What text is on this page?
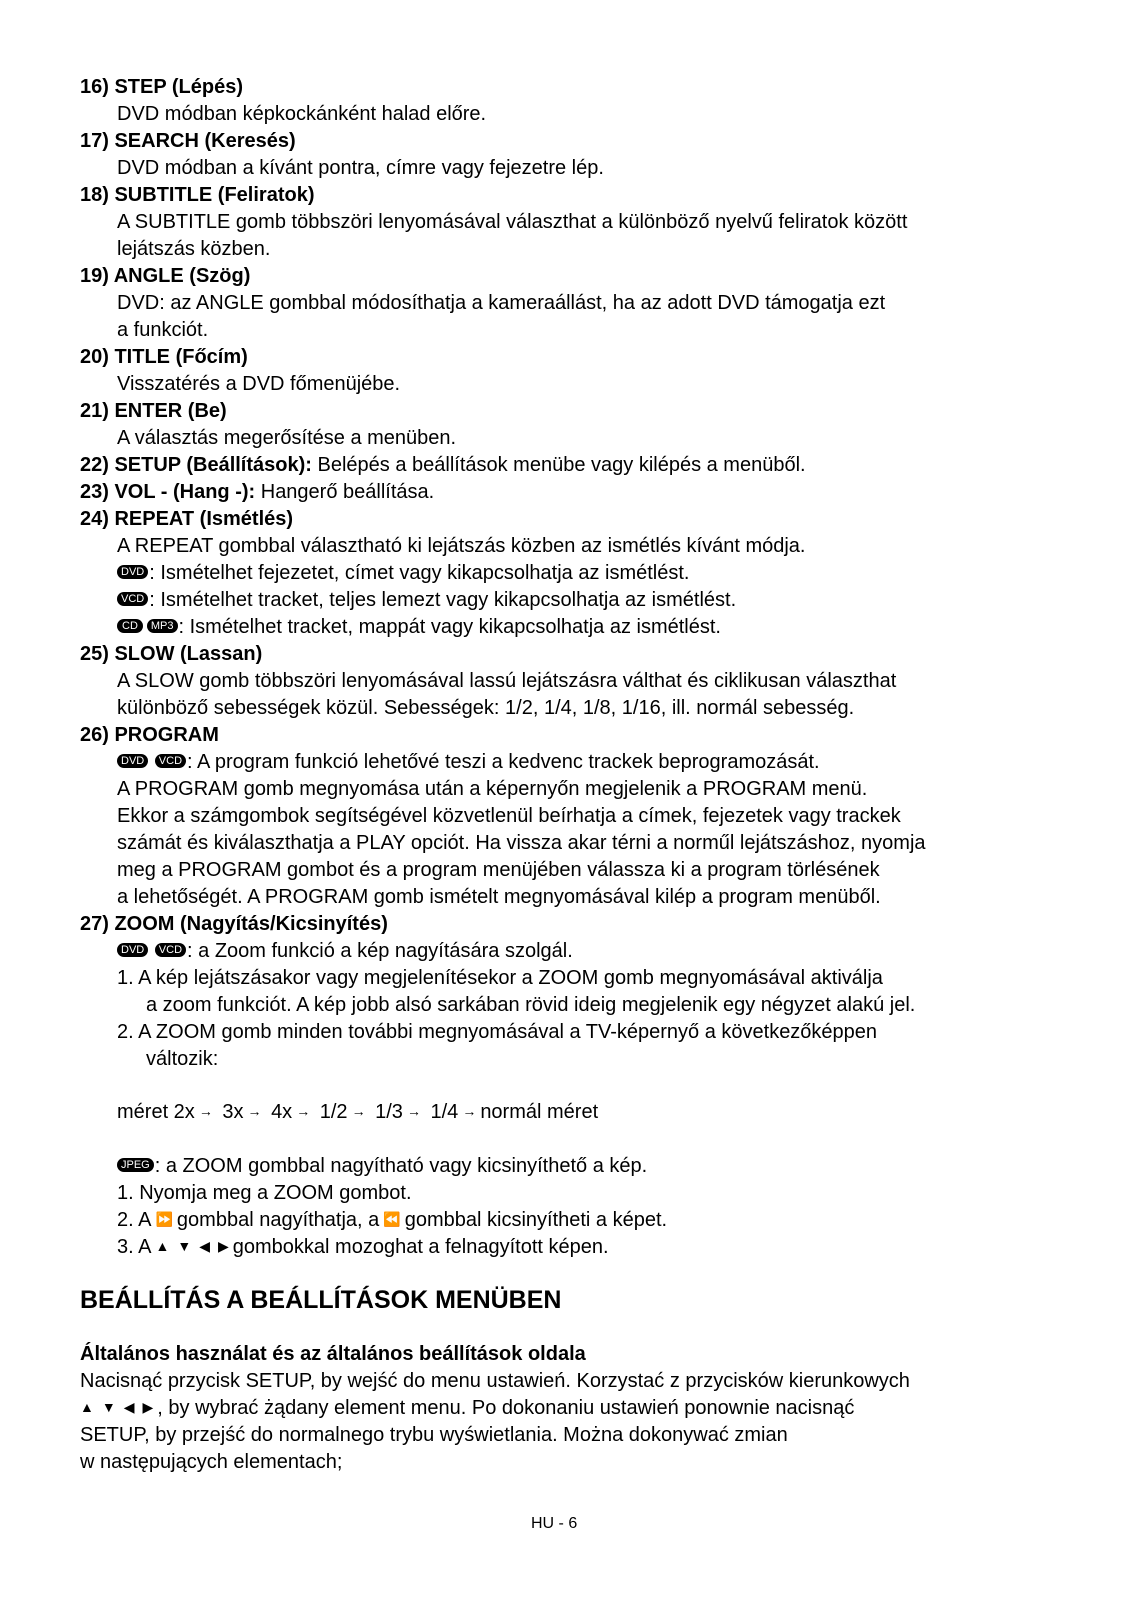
16) STEP (Lépés)
DVD módban képkockánként halad előre.
17) SEARCH (Keresés)
DVD módban a kívánt pontra, címre vagy fejezetre lép.
18) SUBTITLE (Feliratok)
A SUBTITLE gomb többszöri lenyomásával választhat a különböző nyelvű feliratok között
lejátszás közben.
19) ANGLE (Szög)
DVD: az ANGLE gombbal módosíthatja a kameraállást, ha az adott DVD támogatja ezt
a funkciót.
20) TITLE (Főcím)
Visszatérés a DVD főmenüjébe.
21) ENTER (Be)
A választás megerősítése a menüben.
22) SETUP (Beállítások): Belépés a beállítások menübe vagy kilépés a menüből.
23) VOL - (Hang -): Hangerő beállítása.
24) REPEAT (Ismétlés)
A REPEAT gombbal választható ki lejátszás közben az ismétlés kívánt módja.
DVD : Ismételhet fejezetet, címet vagy kikapcsolhatja az ismétlést.
VCD : Ismételhet tracket, teljes lemezt vagy kikapcsolhatja az ismétlést.
CD MP3 : Ismételhet tracket, mappát vagy kikapcsolhatja az ismétlést.
25) SLOW (Lassan)
A SLOW gomb többszöri lenyomásával lassú lejátszásra válthat és ciklikusan választhat
különböző sebességek közül. Sebességek: 1/2, 1/4, 1/8, 1/16, ill. normál sebesség.
26) PROGRAM
DVD VCD : A program funkció lehetővé teszi a kedvenc trackek beprogramozását.
A PROGRAM gomb megnyomása után a képernyőn megjelenik a PROGRAM menü.
Ekkor a számgombok segítségével közvetlenül beírhatja a címek, fejezetek vagy trackek
számát és kiválaszthatja a PLAY opciót. Ha vissza akar térni a norműl lejátszáshoz, nyomja
meg a PROGRAM gombot és a program menüjében válassza ki a program törlésének
a lehetőségét. A PROGRAM gomb ismételt megnyomásával kilép a program menüből.
27) ZOOM (Nagyítás/Kicsinyítés)
DVD VCD : a Zoom funkció a kép nagyítására szolgál.
1. A kép lejátszásakor vagy megjelenítésekor a ZOOM gomb megnyomásával aktiválja
a zoom funkciót. A kép jobb alsó sarkában rövid ideig megjelenik egy négyzet alakú jel.
2. A ZOOM gomb minden további megnyomásával a TV-képernyő a következőképpen
változik:
méret 2x → 3x → 4x → 1/2 → 1/3 → 1/4 → normál méret
JPEG : a ZOOM gombbal nagyítható vagy kicsinyíthető a kép.
1. Nyomja meg a ZOOM gombot.
2. A ⏩ gombbal nagyíthatja, a ⏪ gombbal kicsinyítheti a képet.
3. A ▲ ▼ ◀ ▶ gombokkal mozoghat a felnagyított képen.
BEÁLLÍTÁS A BEÁLLÍTÁSOK MENÜBEN
Általános használat és az általános beállítások oldala
Nacisnąć przycisk SETUP, by wejść do menu ustawień. Korzystać z przycisków kierunkowych
▲ ▼ ◀ ▶ , by wybrać żądany element menu. Po dokonaniu ustawień ponownie nacisnąć
SETUP, by przejść do normalnego trybu wyświetlania. Można dokonywać zmian
w następujących elementach;
HU - 6
